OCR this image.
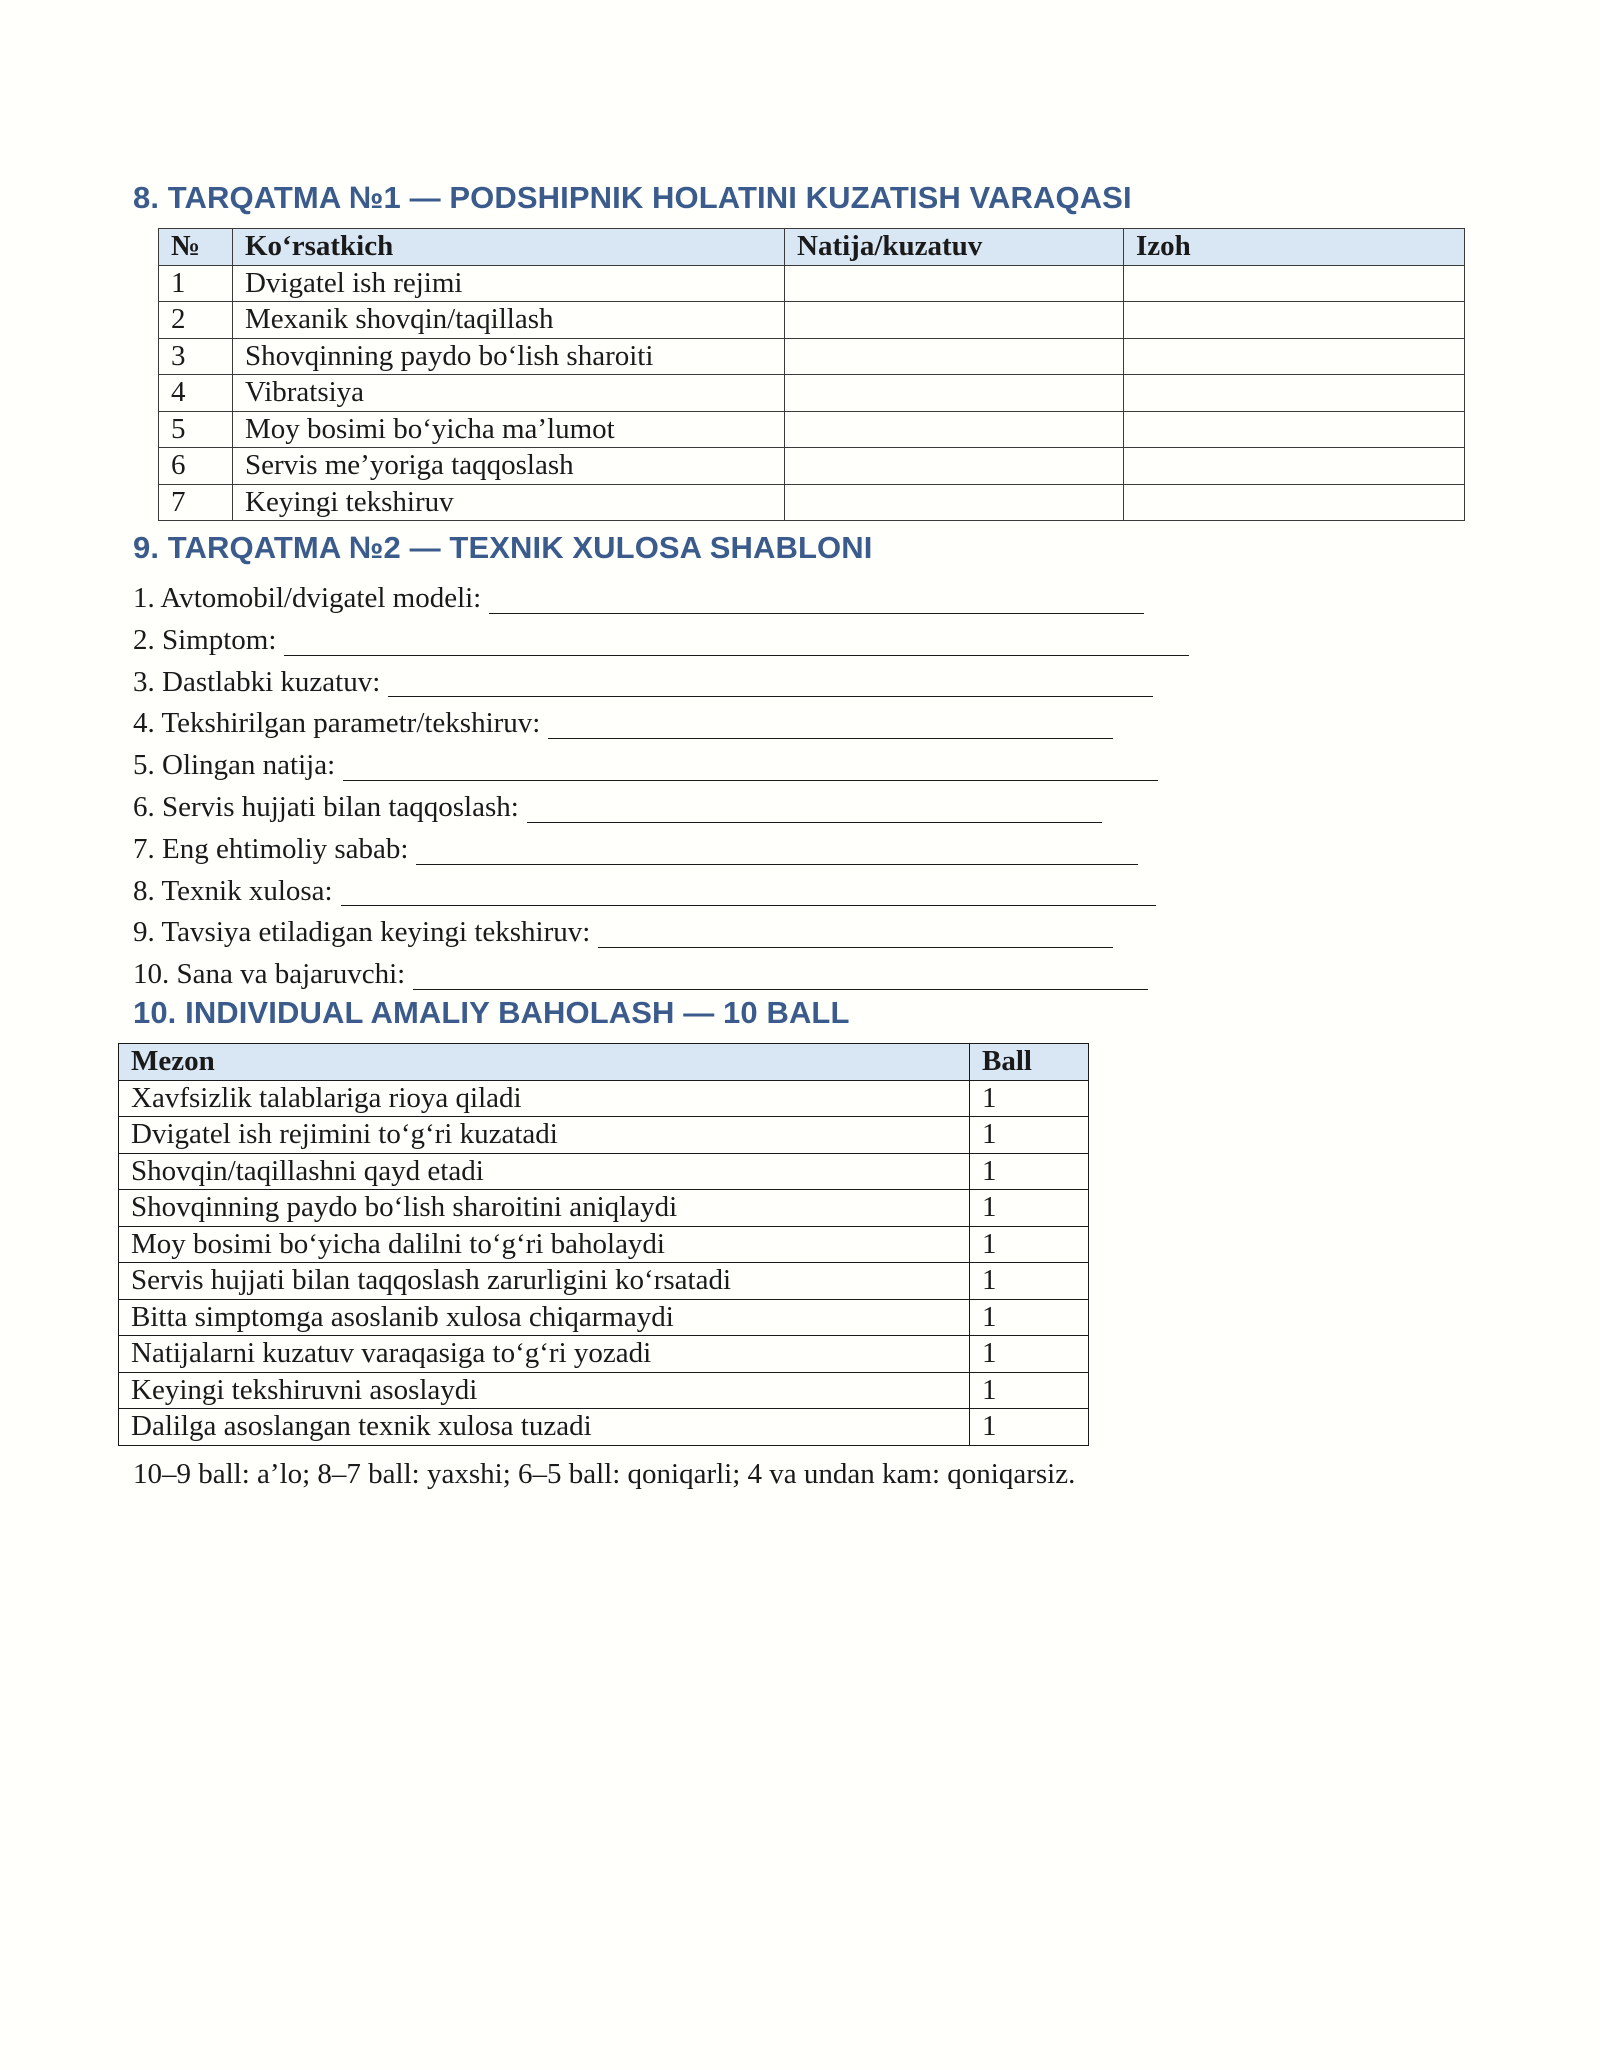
8. TARQATMA №1 — PODSHIPNIK HOLATINI KUZATISH VARAQASI
№	Ko‘rsatkich	Natija/kuzatuv	Izoh
1	Dvigatel ish rejimi		
2	Mexanik shovqin/taqillash		
3	Shovqinning paydo bo‘lish sharoiti		
4	Vibratsiya		
5	Moy bosimi bo‘yicha ma’lumot		
6	Servis me’yoriga taqqoslash		
7	Keyingi tekshiruv		
9. TARQATMA №2 — TEXNIK XULOSA SHABLONI
1. Avtomobil/dvigatel modeli:
2. Simptom:
3. Dastlabki kuzatuv:
4. Tekshirilgan parametr/tekshiruv:
5. Olingan natija:
6. Servis hujjati bilan taqqoslash:
7. Eng ehtimoliy sabab:
8. Texnik xulosa:
9. Tavsiya etiladigan keyingi tekshiruv:
10. Sana va bajaruvchi:
10. INDIVIDUAL AMALIY BAHOLASH — 10 BALL
Mezon	Ball
Xavfsizlik talablariga rioya qiladi	1
Dvigatel ish rejimini to‘g‘ri kuzatadi	1
Shovqin/taqillashni qayd etadi	1
Shovqinning paydo bo‘lish sharoitini aniqlaydi	1
Moy bosimi bo‘yicha dalilni to‘g‘ri baholaydi	1
Servis hujjati bilan taqqoslash zarurligini ko‘rsatadi	1
Bitta simptomga asoslanib xulosa chiqarmaydi	1
Natijalarni kuzatuv varaqasiga to‘g‘ri yozadi	1
Keyingi tekshiruvni asoslaydi	1
Dalilga asoslangan texnik xulosa tuzadi	1
10–9 ball: a’lo; 8–7 ball: yaxshi; 6–5 ball: qoniqarli; 4 va undan kam: qoniqarsiz.
